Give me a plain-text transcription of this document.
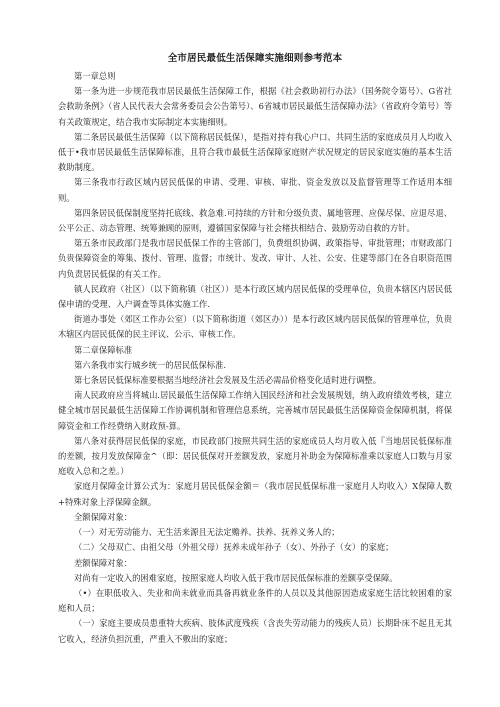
全市居民最低生活保障实施细则参考范本

第一章总则

第一条为进一步规范我市居民最低生活保障工作，根据《社会救助初行办法》（国务院令第号）、G省社会救助条例》（省人民代表大会常务委员会公告第号）、6省城市居民最低生活保障办法》（省政府令第号）等有关政策规定，结合我市实际制定本实施细则。

第二条居民最低生活保障（以下简称居民低保），是指对持有我心户口、共同生活的家庭成员月人均收入低于•我市居民最低生活保障标准，且符合我市最低生活保障家庭财产状况规定的居民家庭实施的基本生活救助制度。

第三条我市行政区域内居民低保的申请、受理、审核、审批、资金发放以及监督管理等工作适用本细则。

第四条居民低保制度坚持托底线、救急难.可持续的方针和分级负责、属地管理、应保尽保、应退尽退、公平公正、动态管理、统筹兼顾的原则，遵循国家保障与社会楮扶相结合、鼓励劳动自救的方针。

第五条市民政部门是我市居民低保工作的主管部门，负费组织协调、政策指导、审批管理；市财政部门负贵保障资金的筹集、拨付、管理、监督；市统计、发改、审计、人社、公安、住建等部门在各自职资范围内负责居民低保的有关工作。

镇人民政府（社区）（以下简称镇（社区））是本行政区域内居民低保的受理单位，负贵本辖区内居民低保申请的受理、入户调查等具体实施工作.

街道办事处（郊区工作办公室）（以下简称街道（郊区办））是本行政区域内居民低保的管理单位，负贵木辖区内居民低保的民主评议、公示、审核工作。

第二章保障标准

第六条我市实行城乡统一的居民低保标准.

第七条居民低保标准要根据当地经济社会发展及生活必需品价格变化适时进行调整。

南人民政府应当将城山.居民最低生活保障工作纳入国民经济和社会发展规划，纳入政府绩效考核，建立健全城市居民最低生活保障工作协调机制和管理信息系统，完善城市居民最低生活保障资金保障机制，将保障资金和工作经费纳入财政预-算。

第八条对获得居民低保的家庭，市民政部门按照共同生活的家庭成员人均月收入低『当地居民低保标准的差额，按月发放保障金^（即：居民低保对开差额发放，家庭月补助金为保障标准乘以家庭人口数与月家庭收入总和之差。）

家庭月保障金计算公式为：家庭月居民低保金额＝（我市居民低保标准一家庭月人均收入）X保障人数+特殊对象上浮保障金额。

全额保障对象：

（一）对无劳动能力、无生活来源且无法定赡养、扶养、抚养义务人的；

（二）父母双亡、由祖父母（外祖父母）抚养未成年孙子（女）、外孙子（女）的家庭；

差额保障对象：

对尚有一定收入的困难家庭，按照家庭人均收入低于我市居民低保标准的差额享受保障。

（•）在职低收入、失业和尚未就业而具备再就业条件的人员以及其他原因造成家庭生活比较困难的家庭和人员；

（一）家庭主要成员患重特大疾病、肢体武度残疾（含丧失劳动能力的残疾人员）长期卧床不起且无其它收入，经济负担沉重，严重入不敷出的家庭；
